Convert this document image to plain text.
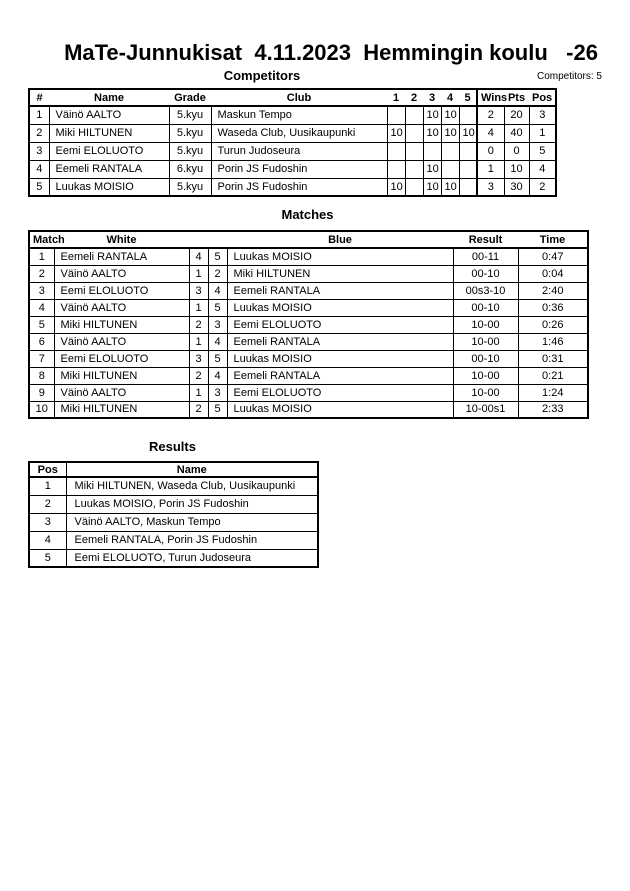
MaTe-Junnukisat  4.11.2023  Hemmingin koulu   -26
Competitors	Competitors: 5
#	Name	Grade	Club	1	2	3	4	5	Wins	Pts	Pos
1	Väinö AALTO	5.kyu	Maskun Tempo			10	10		2	20	3
2	Miki HILTUNEN	5.kyu	Waseda Club, Uusikaupunki	10		10	10	10	4	40	1
3	Eemi ELOLUOTO	5.kyu	Turun Judoseura						0	0	5
4	Eemeli RANTALA	6.kyu	Porin JS Fudoshin			10			1	10	4
5	Luukas MOISIO	5.kyu	Porin JS Fudoshin	10		10	10		3	30	2
Matches
Match	White			Blue	Result	Time
1	Eemeli RANTALA	4	5	Luukas MOISIO	00-11	0:47
2	Väinö AALTO	1	2	Miki HILTUNEN	00-10	0:04
3	Eemi ELOLUOTO	3	4	Eemeli RANTALA	00s3-10	2:40
4	Väinö AALTO	1	5	Luukas MOISIO	00-10	0:36
5	Miki HILTUNEN	2	3	Eemi ELOLUOTO	10-00	0:26
6	Väinö AALTO	1	4	Eemeli RANTALA	10-00	1:46
7	Eemi ELOLUOTO	3	5	Luukas MOISIO	00-10	0:31
8	Miki HILTUNEN	2	4	Eemeli RANTALA	10-00	0:21
9	Väinö AALTO	1	3	Eemi ELOLUOTO	10-00	1:24
10	Miki HILTUNEN	2	5	Luukas MOISIO	10-00s1	2:33
Results
Pos	Name
1	Miki HILTUNEN, Waseda Club, Uusikaupunki
2	Luukas MOISIO, Porin JS Fudoshin
3	Väinö AALTO, Maskun Tempo
4	Eemeli RANTALA, Porin JS Fudoshin
5	Eemi ELOLUOTO, Turun Judoseura
